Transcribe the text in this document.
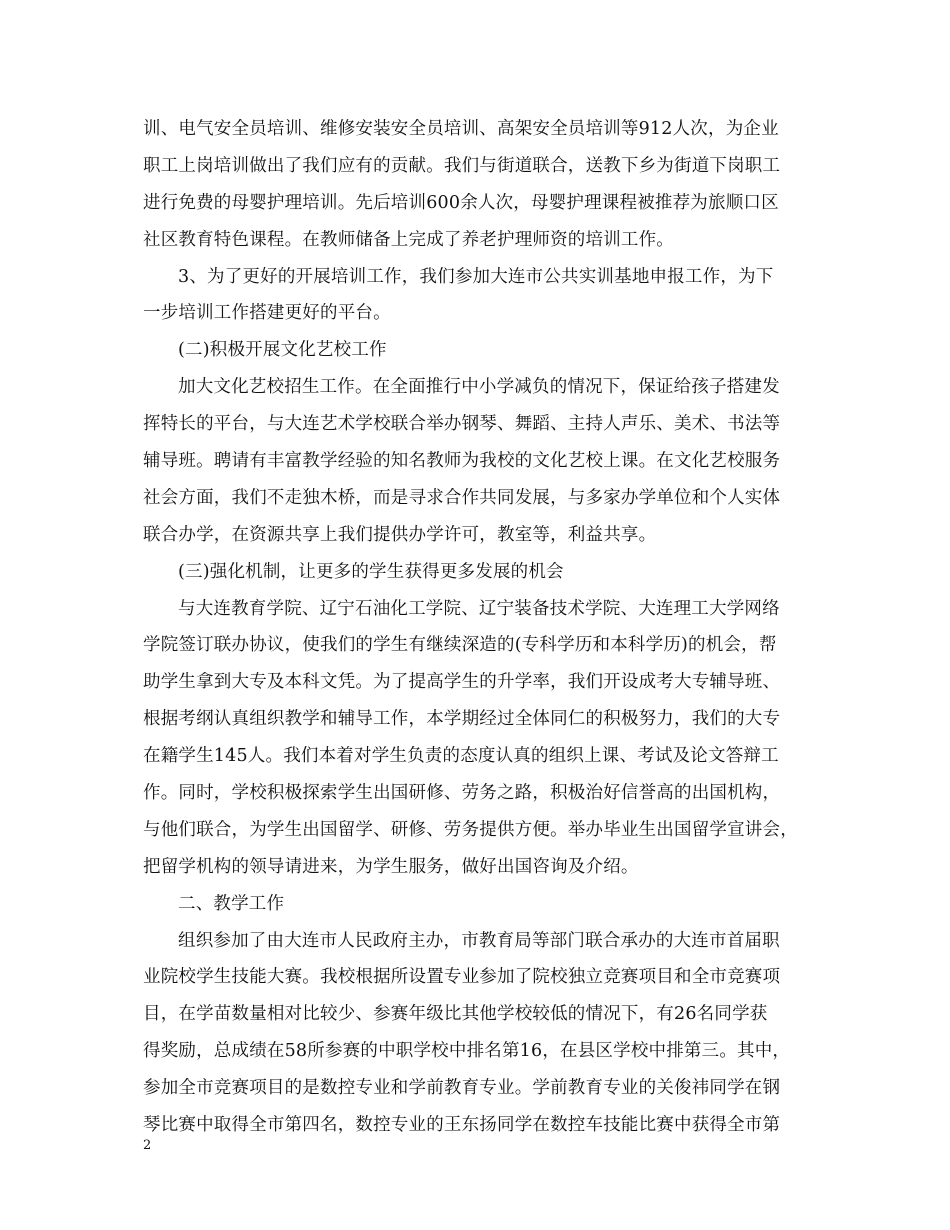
训、电气安全员培训、维修安装安全员培训、高架安全员培训等912人次，为企业
职工上岗培训做出了我们应有的贡献。我们与街道联合，送教下乡为街道下岗职工
进行免费的母婴护理培训。先后培训600余人次，母婴护理课程被推荐为旅顺口区
社区教育特色课程。在教师储备上完成了养老护理师资的培训工作。
3、为了更好的开展培训工作，我们参加大连市公共实训基地申报工作，为下
一步培训工作搭建更好的平台。
(二)积极开展文化艺校工作
加大文化艺校招生工作。在全面推行中小学减负的情况下，保证给孩子搭建发
挥特长的平台，与大连艺术学校联合举办钢琴、舞蹈、主持人声乐、美术、书法等
辅导班。聘请有丰富教学经验的知名教师为我校的文化艺校上课。在文化艺校服务
社会方面，我们不走独木桥，而是寻求合作共同发展，与多家办学单位和个人实体
联合办学，在资源共享上我们提供办学许可，教室等，利益共享。
(三)强化机制，让更多的学生获得更多发展的机会
与大连教育学院、辽宁石油化工学院、辽宁装备技术学院、大连理工大学网络
学院签订联办协议，使我们的学生有继续深造的(专科学历和本科学历)的机会，帮
助学生拿到大专及本科文凭。为了提高学生的升学率，我们开设成考大专辅导班、
根据考纲认真组织教学和辅导工作，本学期经过全体同仁的积极努力，我们的大专
在籍学生145人。我们本着对学生负责的态度认真的组织上课、考试及论文答辩工
作。同时，学校积极探索学生出国研修、劳务之路，积极治好信誉高的出国机构，
与他们联合，为学生出国留学、研修、劳务提供方便。举办毕业生出国留学宣讲会，
把留学机构的领导请进来，为学生服务，做好出国咨询及介绍。
二、教学工作
组织参加了由大连市人民政府主办，市教育局等部门联合承办的大连市首届职
业院校学生技能大赛。我校根据所设置专业参加了院校独立竞赛项目和全市竞赛项
目，在学苗数量相对比较少、参赛年级比其他学校较低的情况下，有26名同学获
得奖励，总成绩在58所参赛的中职学校中排名第16，在县区学校中排第三。其中，
参加全市竞赛项目的是数控专业和学前教育专业。学前教育专业的关俊祎同学在钢
琴比赛中取得全市第四名，数控专业的王东扬同学在数控车技能比赛中获得全市第
2
